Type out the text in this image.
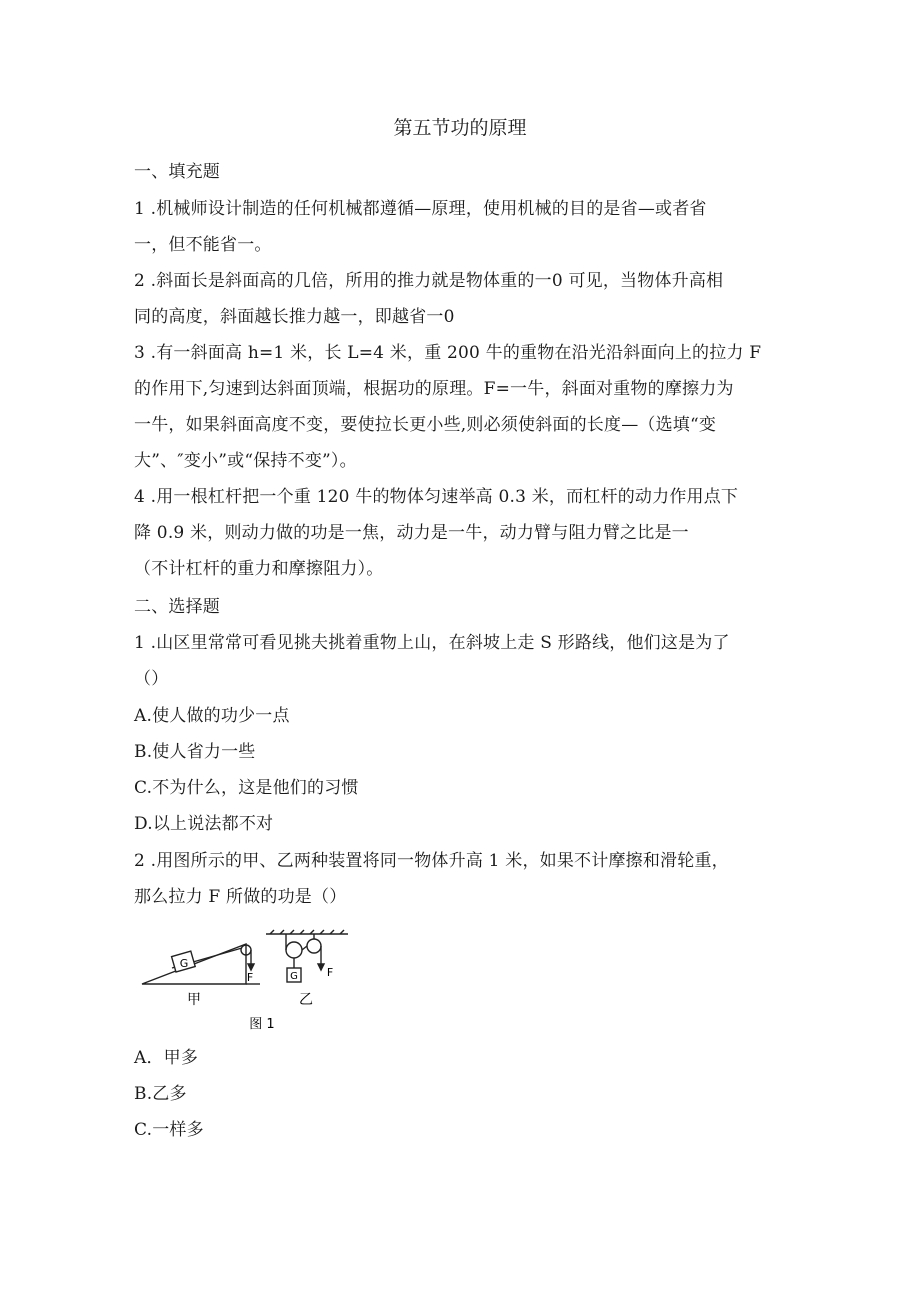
第五节功的原理
一、填充题
1 .机械师设计制造的任何机械都遵循—原理，使用机械的目的是省—或者省
一，但不能省一。
2 .斜面长是斜面高的几倍，所用的推力就是物体重的一0 可见，当物体升高相
同的高度，斜面越长推力越一，即越省一0
3 .有一斜面高 h=1 米，长 L=4 米，重 200 牛的重物在沿光沿斜面向上的拉力 F
的作用下,匀速到达斜面顶端，根据功的原理。F=一牛，斜面对重物的摩擦力为
一牛，如果斜面高度不变，要使拉长更小些,则必须使斜面的长度—（选填“变
大”、″变小”或“保持不变”）。
4 .用一根杠杆把一个重 120 牛的物体匀速举高 0.3 米，而杠杆的动力作用点下
降 0.9 米，则动力做的功是一焦，动力是一牛，动力臂与阻力臂之比是一
（不计杠杆的重力和摩擦阻力）。
二、选择题
1 .山区里常常可看见挑夫挑着重物上山，在斜坡上走 S 形路线，他们这是为了
（）
A.使人做的功少一点
B.使人省力一些
C.不为什么，这是他们的习惯
D.以上说法都不对
2 .用图所示的甲、乙两种装置将同一物体升高 1 米，如果不计摩擦和滑轮重，
那么拉力 F 所做的功是（）
G
F	G	F
甲	乙
图 1
A．甲多
B.乙多
C.一样多
